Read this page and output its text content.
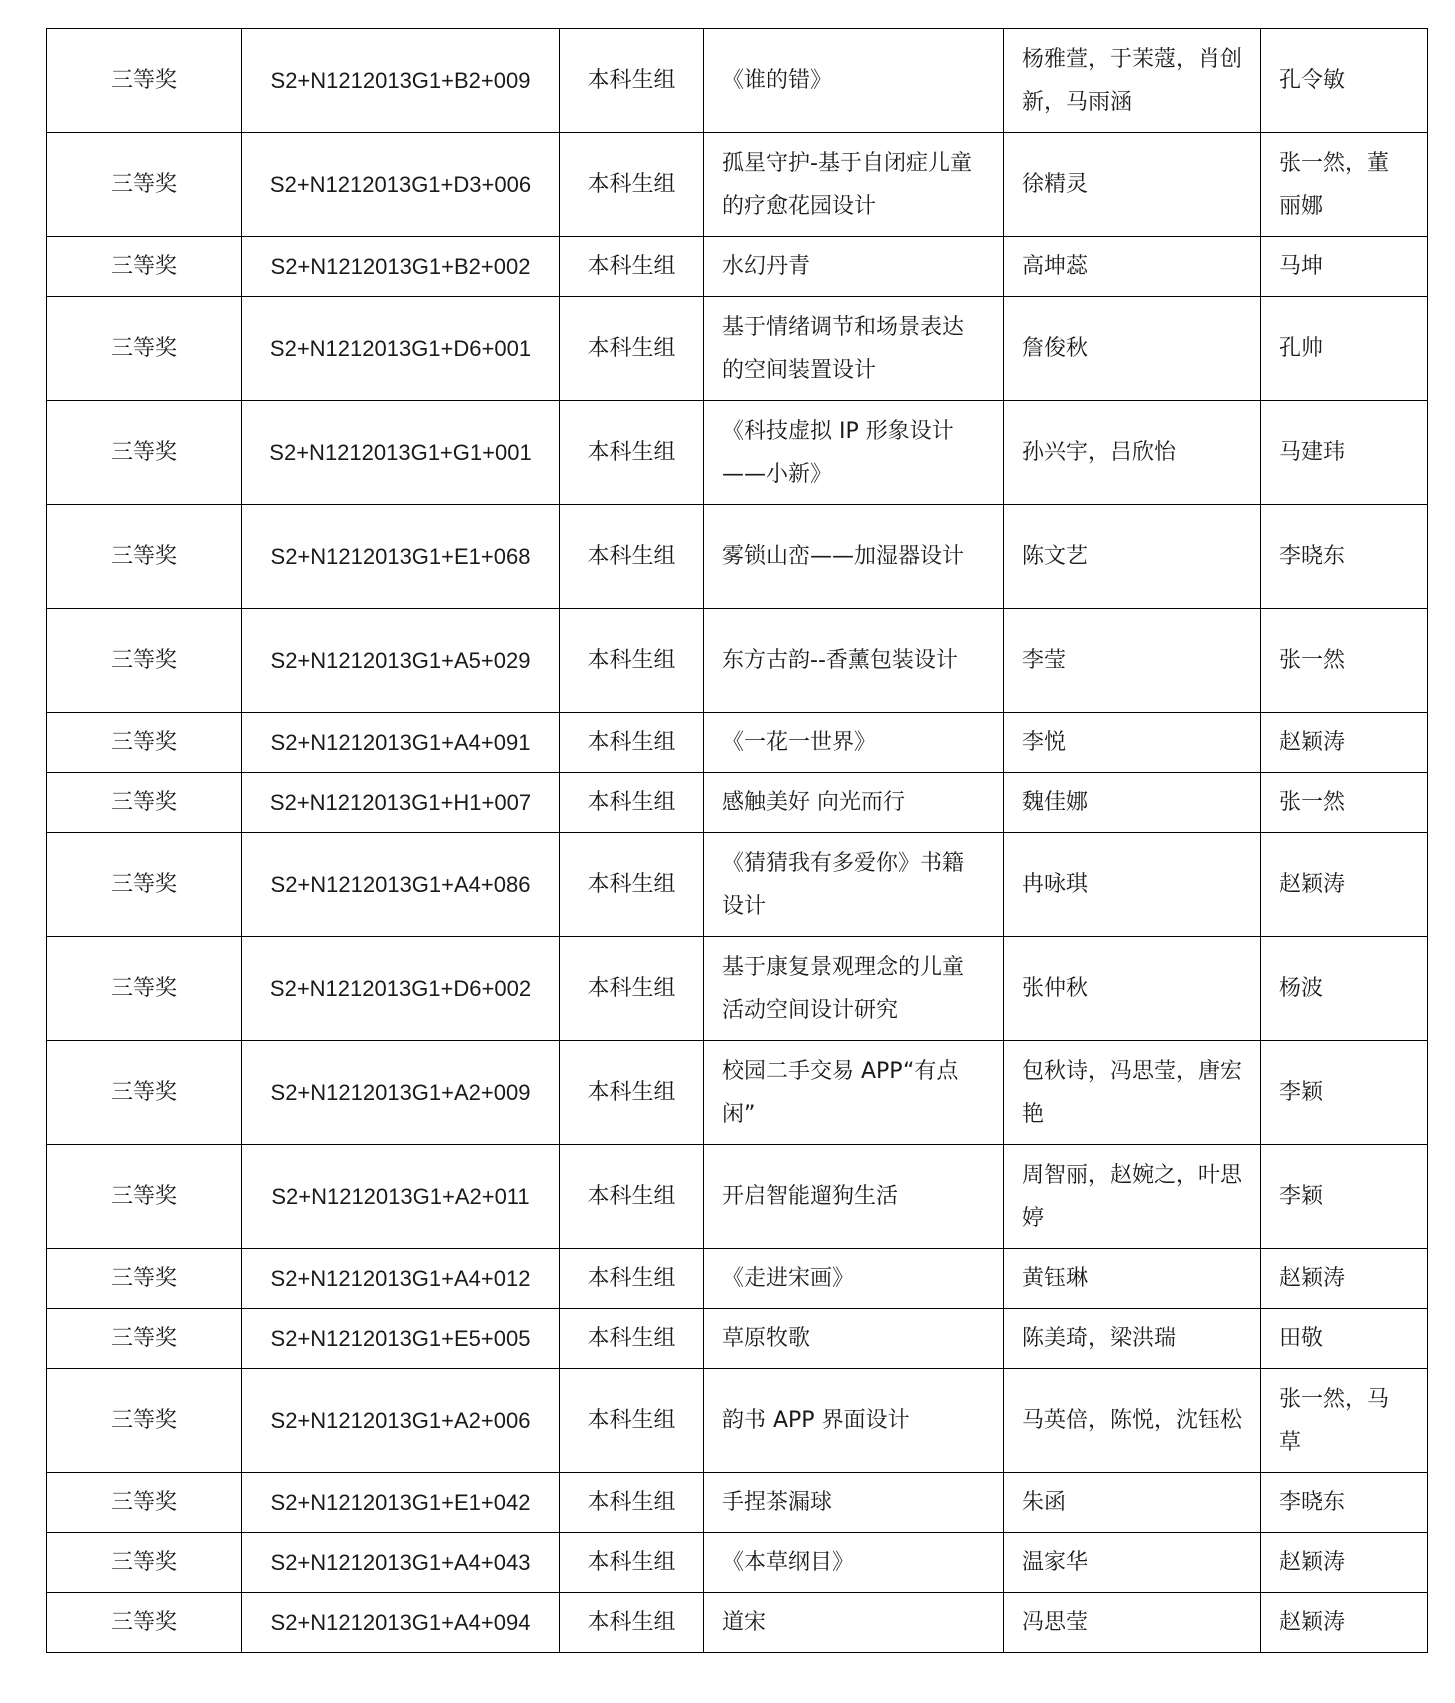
三等奖	S2+N1212013G1+B2+009	本科生组	《谁的错》	杨雅萱，于茉蔻，肖创新，马雨涵	孔令敏
三等奖	S2+N1212013G1+D3+006	本科生组	孤星守护-基于自闭症儿童的疗愈花园设计	徐精灵	张一然，董丽娜
三等奖	S2+N1212013G1+B2+002	本科生组	水幻丹青	高坤蕊	马坤
三等奖	S2+N1212013G1+D6+001	本科生组	基于情绪调节和场景表达的空间装置设计	詹俊秋	孔帅
三等奖	S2+N1212013G1+G1+001	本科生组	《科技虚拟 IP 形象设计——小新》	孙兴宇，吕欣怡	马建玮
三等奖	S2+N1212013G1+E1+068	本科生组	雾锁山峦——加湿器设计	陈文艺	李晓东
三等奖	S2+N1212013G1+A5+029	本科生组	东方古韵--香薰包装设计	李莹	张一然
三等奖	S2+N1212013G1+A4+091	本科生组	《一花一世界》	李悦	赵颖涛
三等奖	S2+N1212013G1+H1+007	本科生组	感触美好 向光而行	魏佳娜	张一然
三等奖	S2+N1212013G1+A4+086	本科生组	《猜猜我有多爱你》书籍设计	冉咏琪	赵颖涛
三等奖	S2+N1212013G1+D6+002	本科生组	基于康复景观理念的儿童活动空间设计研究	张仲秋	杨波
三等奖	S2+N1212013G1+A2+009	本科生组	校园二手交易 APP“有点闲”	包秋诗，冯思莹，唐宏艳	李颖
三等奖	S2+N1212013G1+A2+011	本科生组	开启智能遛狗生活	周智丽，赵婉之，叶思婷	李颖
三等奖	S2+N1212013G1+A4+012	本科生组	《走进宋画》	黄钰琳	赵颖涛
三等奖	S2+N1212013G1+E5+005	本科生组	草原牧歌	陈美琦，梁洪瑞	田敬
三等奖	S2+N1212013G1+A2+006	本科生组	韵书 APP 界面设计	马英倍，陈悦，沈钰松	张一然，马草
三等奖	S2+N1212013G1+E1+042	本科生组	手捏茶漏球	朱函	李晓东
三等奖	S2+N1212013G1+A4+043	本科生组	《本草纲目》	温家华	赵颖涛
三等奖	S2+N1212013G1+A4+094	本科生组	道宋	冯思莹	赵颖涛
